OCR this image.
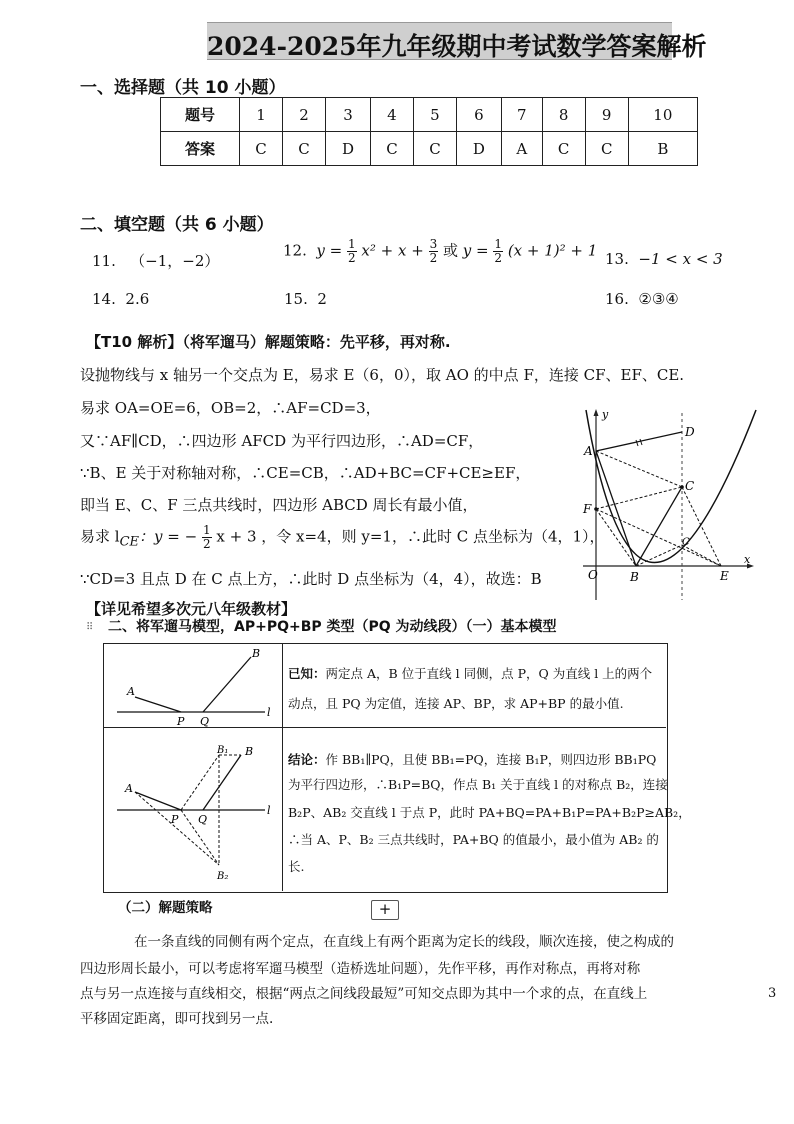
2024-2025年九年级期中考试数学答案解析
一、选择题（共 10 小题）
题号	1	2	3	4	5	6	7	8	9	10
答案	C	C	D	C	C	D	A	C	C	B
二、填空题（共 6 小题）
11. （−1，−2）
12. $y = \frac{1}{2} x^2 + x + \frac{3}{2}$ 或 $y = \frac{1}{2} (x + 1)^2 + 1$ 13. −1 < x < 3
14. 2.6	15. 2	16. ②③④
【T10 解析】（将军遛马）解题策略：先平移，再对称.
设抛物线与 x 轴另一个交点为 E，易求 E（6，0），取 AO 的中点 F，连接 CF、EF、CE.
易求 OA=OE=6，OB=2，∴AF=CD=3，
又∵AF∥CD，∴四边形 AFCD 为平行四边形，∴AD=CF，
∵B、E 关于对称轴对称，∴CE=CB，∴AD+BC=CF+CE≥EF，
即当 E、C、F 三点共线时，四边形 ABCD 周长有最小值，
易求 $l_{CE}$：y = − $\frac{1}{2}$ x + 3 ，令 x=4，则 y=1，∴此时 C 点坐标为（4，1），
∵CD=3 且点 D 在 C 点上方，∴此时 D 点坐标为（4，4），故选：B
y
x
O
A
B
C
D
E
F
C
【详见希望多次元八年级教材】
⠿ 二、将军遛马模型，AP+PQ+BP 类型（PQ 为动线段）（一）基本模型
A
B
P Q
l
A
B
B₁
B₂
P Q
l
已知：两定点 A，B 位于直线 l 同侧，点 P，Q 为直线 l 上的两个
动点，且 PQ 为定值，连接 AP、BP，求 AP+BP 的最小值.
结论：作 BB₁∥PQ，且使 BB₁=PQ，连接 B₁P，则四边形 BB₁PQ
为平行四边形，∴B₁P=BQ，作点 B₁ 关于直线 l 的对称点 B₂，连接
B₂P、AB₂ 交直线 l 于点 P，此时 PA+BQ=PA+B₁P=PA+B₂P≥AB₂，
∴当 A、P、B₂ 三点共线时，PA+BQ 的值最小，最小值为 AB₂ 的
长.
（二）解题策略	+
在一条直线的同侧有两个定点，在直线上有两个距离为定长的线段，顺次连接，使之构成的
四边形周长最小，可以考虑将军遛马模型（造桥选址问题），先作平移，再作对称点，再将对称
点与另一点连接与直线相交，根据“两点之间线段最短”可知交点即为其中一个求的点，在直线上
平移固定距离，即可找到另一点.
3
